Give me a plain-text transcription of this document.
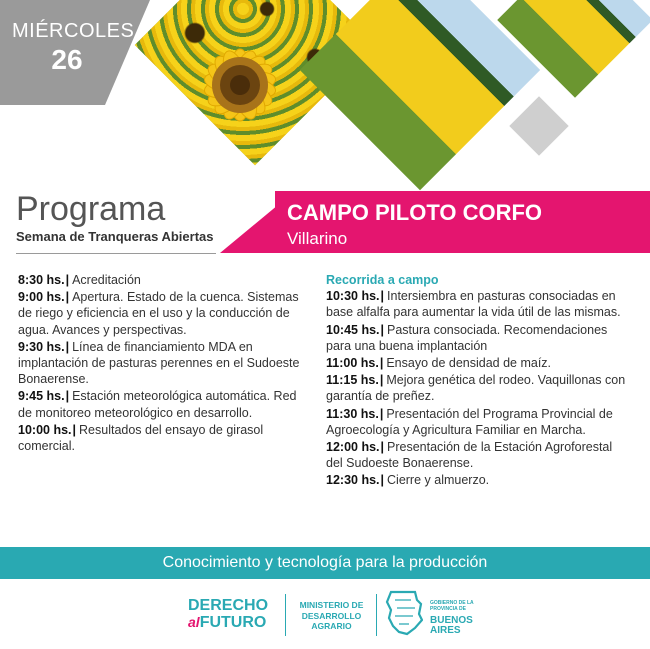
MIÉRCOLES
26
Programa
Semana de Tranqueras Abiertas
CAMPO PILOTO CORFO
Villarino
8:30 hs.| Acreditación
9:00 hs.| Apertura. Estado de la cuenca. Sistemas de riego y eficiencia en el uso y la conducción de agua. Avances y perspectivas.
9:30 hs.| Línea de financiamiento MDA en implantación de pasturas perennes en el Sudoeste Bonaerense.
9:45 hs.| Estación meteorológica automática. Red de monitoreo meteorológico en desarrollo.
10:00 hs.| Resultados del ensayo de girasol comercial.
Recorrida a campo
10:30 hs.| Intersiembra en pasturas consociadas en base alfalfa para aumentar la vida útil de las mismas.
10:45 hs.| Pastura consociada. Recomendaciones para una buena implantación
11:00 hs.| Ensayo de densidad de maíz.
11:15 hs.| Mejora genética del rodeo. Vaquillonas con garantía de preñez.
11:30 hs.| Presentación del Programa Provincial de Agroecología y Agricultura Familiar en Marcha.
12:00 hs.| Presentación de la Estación Agroforestal del Sudoeste Bonaerense.
12:30 hs.| Cierre y almuerzo.
Conocimiento y tecnología para la producción
DERECHO
alFUTURO
MINISTERIO DE
DESARROLLO
AGRARIO
GOBIERNO DE LA
PROVINCIA DE
BUENOS
AIRES
